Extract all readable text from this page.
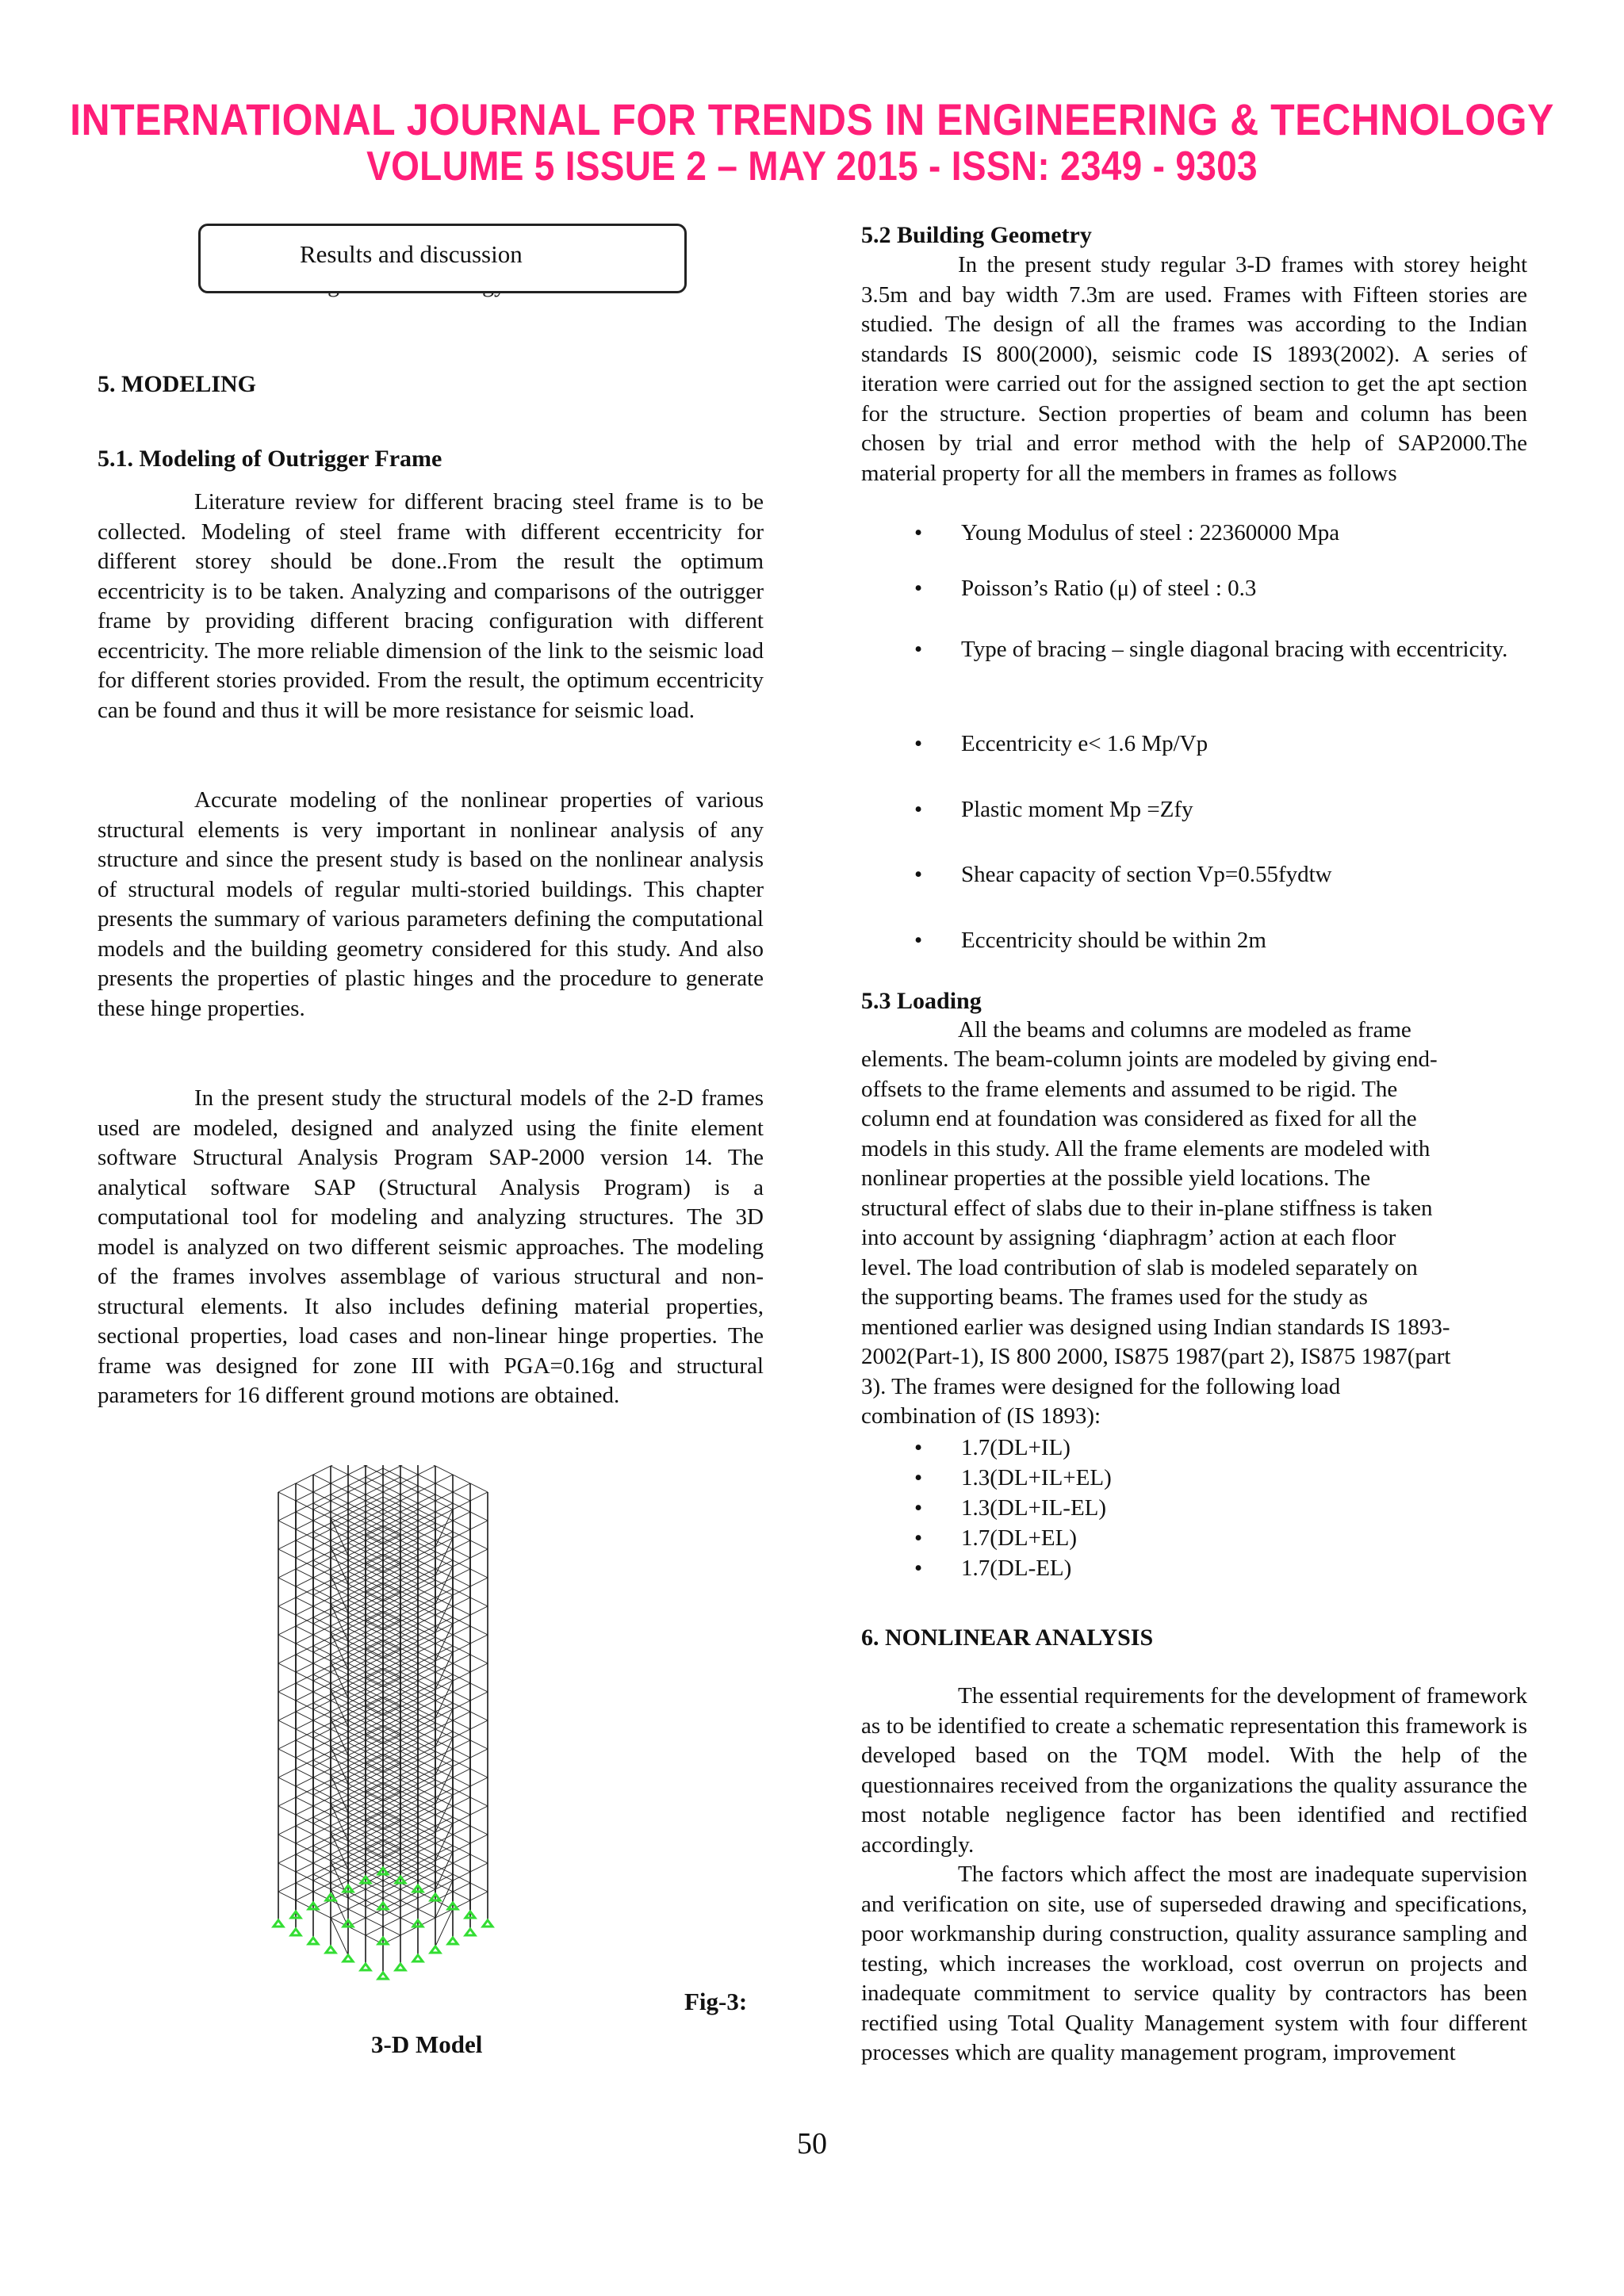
INTERNATIONAL JOURNAL FOR TRENDS IN ENGINEERING & TECHNOLOGY
VOLUME 5 ISSUE 2 – MAY 2015 - ISSN: 2349 - 9303
Results and discussion
5. MODELING
5.1. Modeling of Outrigger Frame

Literature review for different bracing steel frame is to be collected. Modeling of steel frame with different eccentricity for different storey should be done..From the result the optimum eccentricity is to be taken. Analyzing and comparisons of the outrigger frame by providing different bracing configuration with different eccentricity. The more reliable dimension of the link to the seismic load for different stories provided. From the result, the optimum eccentricity can be found and thus it will be more resistance for seismic load.

Accurate modeling of the nonlinear properties of various structural elements is very important in nonlinear analysis of any structure and since the present study is based on the nonlinear analysis of structural models of regular multi-storied buildings. This chapter presents the summary of various parameters defining the computational models and the building geometry considered for this study. And also presents the properties of plastic hinges and the procedure to generate these hinge properties.

In the present study the structural models of the 2-D frames used are modeled, designed and analyzed using the finite element software Structural Analysis Program SAP-2000 version 14. The analytical software SAP (Structural Analysis Program) is a computational tool for modeling and analyzing structures. The 3D model is analyzed on two different seismic approaches. The modeling of the frames involves assemblage of various structural and non-structural elements. It also includes defining material properties, sectional properties, load cases and non-linear hinge properties. The frame was designed for zone III with PGA=0.16g and structural parameters for 16 different ground motions are obtained.

Fig-3:
3-D Model
5.2 Building Geometry

In the present study regular 3-D frames with storey height 3.5m and bay width 7.3m are used. Frames with Fifteen stories are studied. The design of all the frames was according to the Indian standards IS 800(2000), seismic code IS 1893(2002). A series of iteration were carried out for the assigned section to get the apt section for the structure. Section properties of beam and column has been chosen by trial and error method with the help of SAP2000.The material property for all the members in frames as follows

• Young Modulus of steel : 22360000 Mpa
• Poisson’s Ratio (μ) of steel : 0.3
• Type of bracing – single diagonal bracing with eccentricity.
• Eccentricity e< 1.6 Mp/Vp
• Plastic moment Mp =Zfy
• Shear capacity of section Vp=0.55fydtw
• Eccentricity should be within 2m
5.3 Loading
All the beams and columns are modeled as frame
elements. The beam-column joints are modeled by giving end-
offsets to the frame elements and assumed to be rigid. The
column end at foundation was considered as fixed for all the
models in this study. All the frame elements are modeled with
nonlinear properties at the possible yield locations. The
structural effect of slabs due to their in-plane stiffness is taken
into account by assigning ‘diaphragm’ action at each floor
level. The load contribution of slab is modeled separately on
the supporting beams. The frames used for the study as
mentioned earlier was designed using Indian standards IS 1893-
2002(Part-1), IS 800 2000, IS875 1987(part 2), IS875 1987(part
3). The frames were designed for the following load
combination of (IS 1893):
• 1.7(DL+IL)
• 1.3(DL+IL+EL)
• 1.3(DL+IL-EL)
• 1.7(DL+EL)
• 1.7(DL-EL)
6. NONLINEAR ANALYSIS

The essential requirements for the development of framework as to be identified to create a schematic representation this framework is developed based on the TQM model. With the help of the questionnaires received from the organizations the quality assurance the most notable negligence factor has been identified and rectified accordingly.

The factors which affect the most are inadequate supervision and verification on site, use of superseded drawing and specifications, poor workmanship during construction, quality assurance sampling and testing, which increases the workload, cost overrun on projects and inadequate commitment to service quality by contractors has been rectified using Total Quality Management system with four different processes which are quality management program, improvement

50
